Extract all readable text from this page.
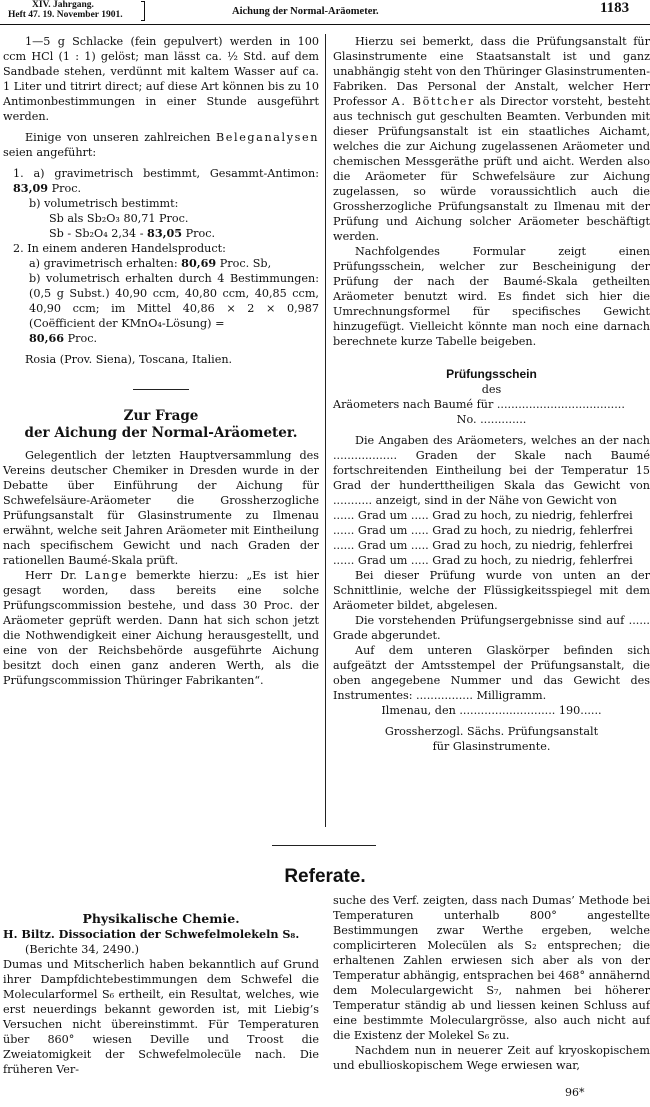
XIV. Jahrgang.
Heft 47. 19. November 1901.	Aichung der Normal-Aräometer.	1183

1—5 g Schlacke (fein gepulvert) werden in 100 ccm HCl (1 : 1) gelöst; man lässt ca. ½ Std. auf dem Sandbade stehen, verdünnt mit kaltem Wasser auf ca. 1 Liter und titrirt direct; auf diese Art können bis zu 10 Antimonbestimmungen in einer Stunde ausgeführt werden.

Einige von unseren zahlreichen Beleganalysen seien angeführt:

1. a) gravimetrisch bestimmt, Gesammt-Antimon: 83,09 Proc.

b) volumetrisch bestimmt:

Sb als Sb₂O₃ 80,71 Proc.

Sb - Sb₂O₄ 2,34 - 83,05 Proc.

2. In einem anderen Handelsproduct:

a) gravimetrisch erhalten: 80,69 Proc. Sb,

b) volumetrisch erhalten durch 4 Bestimmungen: (0,5 g Subst.) 40,90 ccm, 40,80 ccm, 40,85 ccm, 40,90 ccm; im Mittel 40,86 × 2 × 0,987 (Coëfficient der KMnO₄-Lösung) =

80,66 Proc.

Rosia (Prov. Siena), Toscana, Italien.

Zur Frage
der Aichung der Normal-Aräometer.

Gelegentlich der letzten Hauptversammlung des Vereins deutscher Chemiker in Dresden wurde in der Debatte über Einführung der Aichung für Schwefelsäure-Aräometer die Grossherzogliche Prüfungsanstalt für Glasinstrumente zu Ilmenau erwähnt, welche seit Jahren Aräometer mit Eintheilung nach specifischem Gewicht und nach Graden der rationellen Baumé-Skala prüft.

Herr Dr. Lange bemerkte hierzu: „Es ist hier gesagt worden, dass bereits eine solche Prüfungscommission bestehe, und dass 30 Proc. der Aräometer geprüft werden. Dann hat sich schon jetzt die Nothwendigkeit einer Aichung herausgestellt, und eine von der Reichsbehörde ausgeführte Aichung besitzt doch einen ganz anderen Werth, als die Prüfungscommission Thüringer Fabrikanten“.

Hierzu sei bemerkt, dass die Prüfungsanstalt für Glasinstrumente eine Staatsanstalt ist und ganz unabhängig steht von den Thüringer Glasinstrumenten-Fabriken. Das Personal der Anstalt, welcher Herr Professor A. Böttcher als Director vorsteht, besteht aus technisch gut geschulten Beamten. Verbunden mit dieser Prüfungsanstalt ist ein staatliches Aichamt, welches die zur Aichung zugelassenen Aräometer und chemischen Messgeräthe prüft und aicht. Werden also die Aräometer für Schwefelsäure zur Aichung zugelassen, so würde voraussichtlich auch die Grossherzogliche Prüfungsanstalt zu Ilmenau mit der Prüfung und Aichung solcher Aräometer beschäftigt werden.

Nachfolgendes Formular zeigt einen Prüfungsschein, welcher zur Bescheinigung der Prüfung der nach der Baumé-Skala getheilten Aräometer benutzt wird. Es findet sich hier die Umrechnungsformel für specifisches Gewicht hinzugefügt. Vielleicht könnte man noch eine darnach berechnete kurze Tabelle beigeben.

Prüfungsschein

des

Aräometers nach Baumé für ....................................

No. .............

Die Angaben des Aräometers, welches an der nach .................. Graden der Skale nach Baumé fortschreitenden Eintheilung bei der Temperatur 15 Grad der hunderttheiligen Skala das Gewicht von ........... anzeigt, sind in der Nähe von Gewicht von

...... Grad um ..... Grad zu hoch, zu niedrig, fehlerfrei

...... Grad um ..... Grad zu hoch, zu niedrig, fehlerfrei

...... Grad um ..... Grad zu hoch, zu niedrig, fehlerfrei

...... Grad um ..... Grad zu hoch, zu niedrig, fehlerfrei

Bei dieser Prüfung wurde von unten an der Schnittlinie, welche der Flüssigkeitsspiegel mit dem Aräometer bildet, abgelesen.

Die vorstehenden Prüfungsergebnisse sind auf ...... Grade abgerundet.

Auf dem unteren Glaskörper befinden sich aufgeätzt der Amtsstempel der Prüfungsanstalt, die oben angegebene Nummer und das Gewicht des Instrumentes: ................ Milligramm.

Ilmenau, den ........................... 190......

Grossherzogl. Sächs. Prüfungsanstalt

für Glasinstrumente.

Referate.
Physikalische Chemie.

H. Biltz. Dissociation der Schwefelmolekeln S₈.

(Berichte 34, 2490.)

Dumas und Mitscherlich haben bekanntlich auf Grund ihrer Dampfdichtebestimmungen dem Schwefel die Molecularformel S₆ ertheilt, ein Resultat, welches, wie erst neuerdings bekannt geworden ist, mit Liebig’s Versuchen nicht übereinstimmt. Für Temperaturen über 860° wiesen Deville und Troost die Zweiatomigkeit der Schwefelmolecüle nach. Die früheren Ver-

suche des Verf. zeigten, dass nach Dumas’ Methode bei Temperaturen unterhalb 800° angestellte Bestimmungen zwar Werthe ergeben, welche complicirteren Molecülen als S₂ entsprechen; die erhaltenen Zahlen erwiesen sich aber als von der Temperatur abhängig, entsprachen bei 468° annähernd dem Moleculargewicht S₇, nahmen bei höherer Temperatur ständig ab und liessen keinen Schluss auf eine bestimmte Moleculargrösse, also auch nicht auf die Existenz der Molekel S₆ zu.

Nachdem nun in neuerer Zeit auf kryoskopischem und ebullioskopischem Wege erwiesen war,

96*
